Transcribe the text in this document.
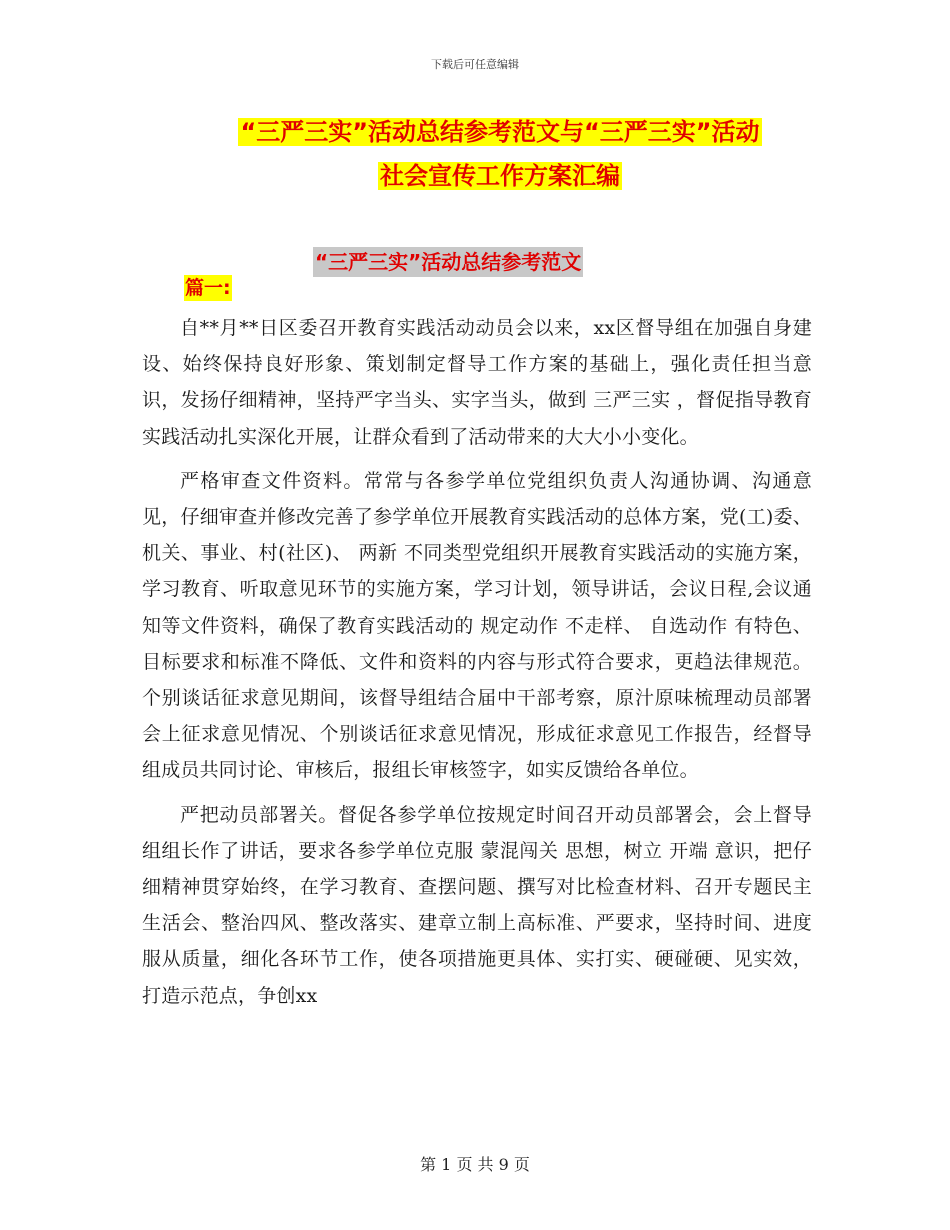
下载后可任意编辑
“三严三实”活动总结参考范文与“三严三实”活动
社会宣传工作方案汇编
“三严三实”活动总结参考范文
篇一:

自**月**日区委召开教育实践活动动员会以来，xx区督导组在加强自身建设、始终保持良好形象、策划制定督导工作方案的基础上，强化责任担当意识，发扬仔细精神，坚持严字当头、实字当头，做到 三严三实 ，督促指导教育实践活动扎实深化开展，让群众看到了活动带来的大大小小变化。

严格审查文件资料。常常与各参学单位党组织负责人沟通协调、沟通意见，仔细审查并修改完善了参学单位开展教育实践活动的总体方案，党(工)委、机关、事业、村(社区)、 两新 不同类型党组织开展教育实践活动的实施方案，学习教育、听取意见环节的实施方案，学习计划，领导讲话，会议日程,会议通知等文件资料，确保了教育实践活动的 规定动作 不走样、 自选动作 有特色、目标要求和标准不降低、文件和资料的内容与形式符合要求，更趋法律规范。个别谈话征求意见期间，该督导组结合届中干部考察，原汁原味梳理动员部署会上征求意见情况、个别谈话征求意见情况，形成征求意见工作报告，经督导组成员共同讨论、审核后，报组长审核签字，如实反馈给各单位。

严把动员部署关。督促各参学单位按规定时间召开动员部署会，会上督导组组长作了讲话，要求各参学单位克服 蒙混闯关 思想，树立 开端 意识，把仔细精神贯穿始终，在学习教育、查摆问题、撰写对比检查材料、召开专题民主生活会、整治四风、整改落实、建章立制上高标准、严要求，坚持时间、进度服从质量，细化各环节工作，使各项措施更具体、实打实、硬碰硬、见实效，打造示范点，争创xx

第 1 页 共 9 页
